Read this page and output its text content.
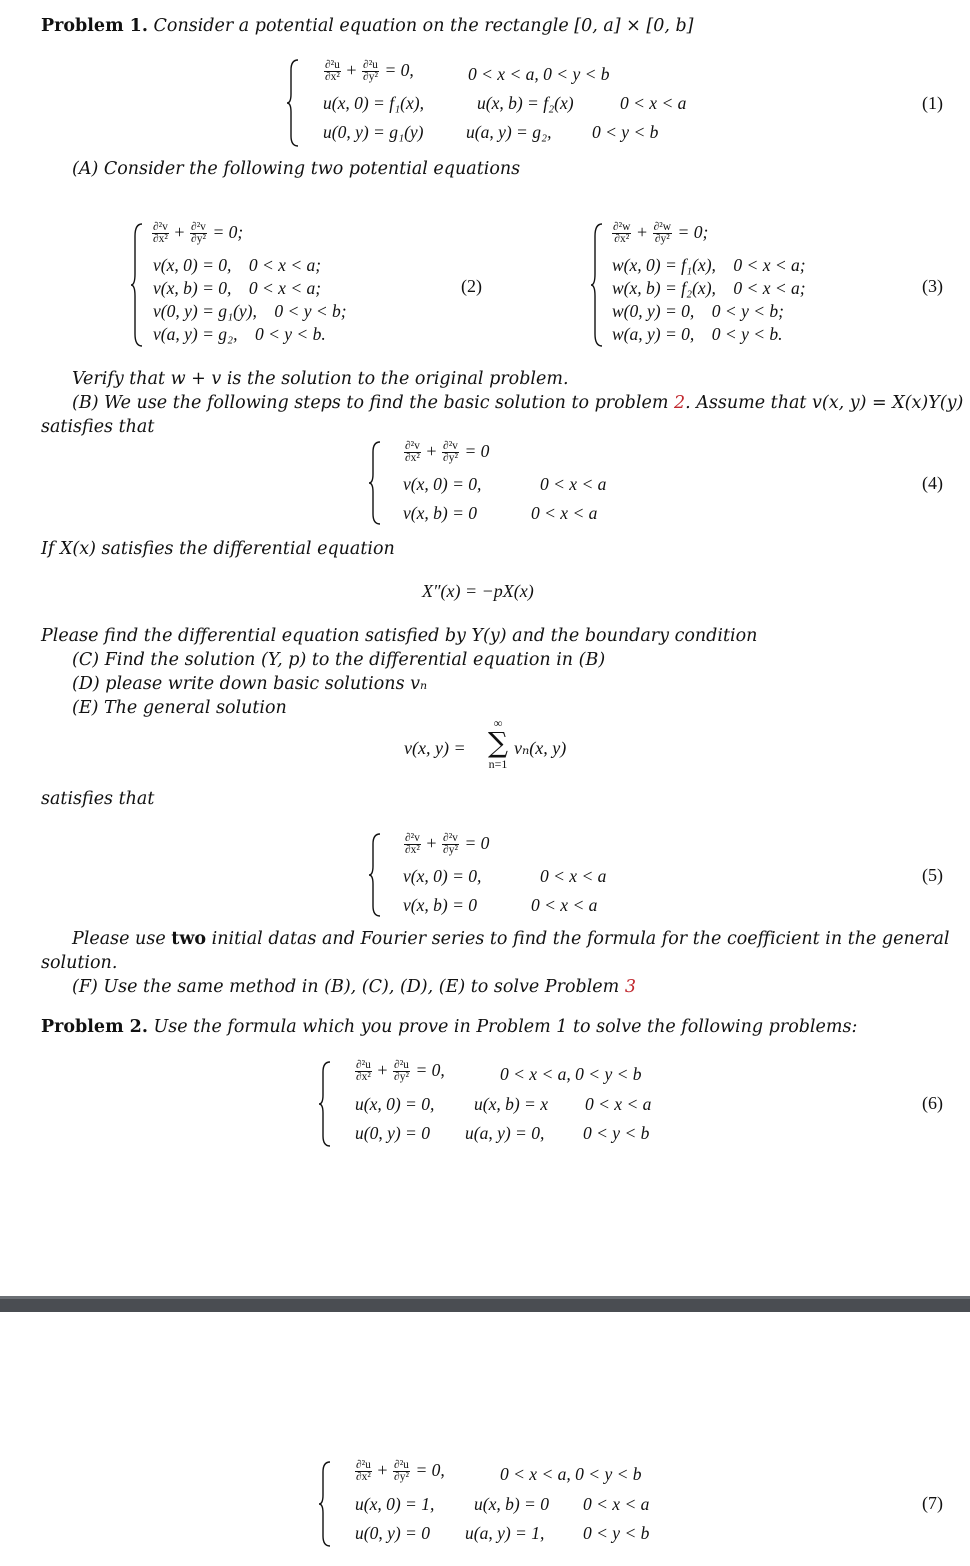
Problem 1. Consider a potential equation on the rectangle [0, a] × [0, b]
$\frac{\text{∂²u}}{\text{∂x²}} + \frac{\text{∂²u}}{\text{∂y²}} = 0$,	0 < x < a, 0 < y < b
u(x, 0) = f₁(x),	u(x, b) = f₂(x)	0 < x < a
u(0, y) = g₁(y) u(a, y) = g₂, 0 < y < b
(1)
(A) Consider the following two potential equations
$\frac{\text{∂²v}}{\text{∂x²}} + \frac{\text{∂²v}}{\text{∂y²}} = 0$;
v(x, 0) = 0,    0 < x < a;
v(x, b) = 0,    0 < x < a;
v(0, y) = g₁(y),    0 < y < b;
v(a, y) = g₂,    0 < y < b.
(2)
$\frac{\text{∂²w}}{\text{∂x²}} + \frac{\text{∂²w}}{\text{∂y²}} = 0$;
w(x, 0) = f₁(x),    0 < x < a;
w(x, b) = f₂(x),    0 < x < a;
w(0, y) = 0,    0 < y < b;
w(a, y) = 0,    0 < y < b.
(3)
Verify that w + v is the solution to the original problem.
(B) We use the following steps to find the basic solution to problem 2. Assume that v(x, y) = X(x)Y(y)
satisfies that
$\frac{\text{∂²v}}{\text{∂x²}} + \frac{\text{∂²v}}{\text{∂y²}} = 0$
v(x, 0) = 0,	0 < x < a
v(x, b) = 0	0 < x < a
(4)
If X(x) satisfies the differential equation
X″(x) = −pX(x)
Please find the differential equation satisfied by Y(y) and the boundary condition
(C) Find the solution (Y, p) to the differential equation in (B)
(D) please write down basic solutions vₙ
(E) The general solution
v(x, y) =
∞
∑
n=1
vₙ(x, y)
satisfies that
$\frac{\text{∂²v}}{\text{∂x²}} + \frac{\text{∂²v}}{\text{∂y²}} = 0$
v(x, 0) = 0,	0 < x < a
v(x, b) = 0	0 < x < a
(5)
Please use two initial datas and Fourier series to find the formula for the coefficient in the general
solution.
(F) Use the same method in (B), (C), (D), (E) to solve Problem 3
Problem 2. Use the formula which you prove in Problem 1 to solve the following problems:
$\frac{\text{∂²u}}{\text{∂x²}} + \frac{\text{∂²u}}{\text{∂y²}} = 0$,	0 < x < a, 0 < y < b
u(x, 0) = 0, u(x, b) = x 0 < x < a
u(0, y) = 0 u(a, y) = 0, 0 < y < b
(6)
$\frac{\text{∂²u}}{\text{∂x²}} + \frac{\text{∂²u}}{\text{∂y²}} = 0$,	0 < x < a, 0 < y < b
u(x, 0) = 1, u(x, b) = 0 0 < x < a
u(0, y) = 0 u(a, y) = 1, 0 < y < b
(7)
